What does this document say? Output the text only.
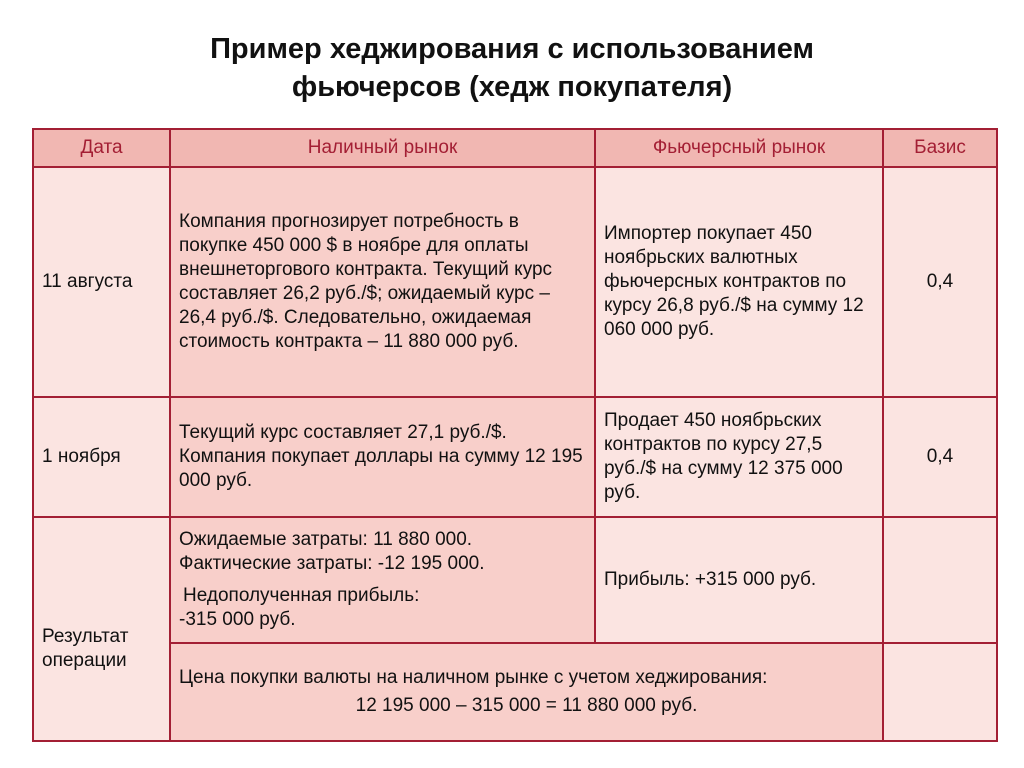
Пример хеджирования с использованием
фьючерсов (хедж покупателя)
Дата	Наличный рынок	Фьючерсный рынок	Базис
11 августа	Компания прогнозирует потребность в покупке 450 000 $ в ноябре для оплаты внешнеторгового контракта. Текущий курс составляет 26,2 руб./$; ожидаемый курс – 26,4 руб./$. Следовательно, ожидаемая стоимость контракта – 11 880 000 руб.	Импортер покупает 450 ноябрьских валютных фьючерсных контрактов по курсу 26,8 руб./$ на сумму 12 060 000 руб.	0,4
1 ноября	Текущий курс составляет 27,1 руб./$. Компания покупает доллары на сумму 12 195 000 руб.	Продает 450 ноябрьских контрактов по курсу 27,5 руб./$ на сумму 12 375 000 руб.	0,4

Результат операции	Ожидаемые затраты: 11 880 000.
Фактические затраты: -12 195 000.
Недополученная прибыль:
-315 000 руб.	Прибыль: +315 000 руб.	

	Цена покупки валюты на наличном рынке с учетом хеджирования:
12 195 000 – 315 000 = 11 880 000 руб.		
